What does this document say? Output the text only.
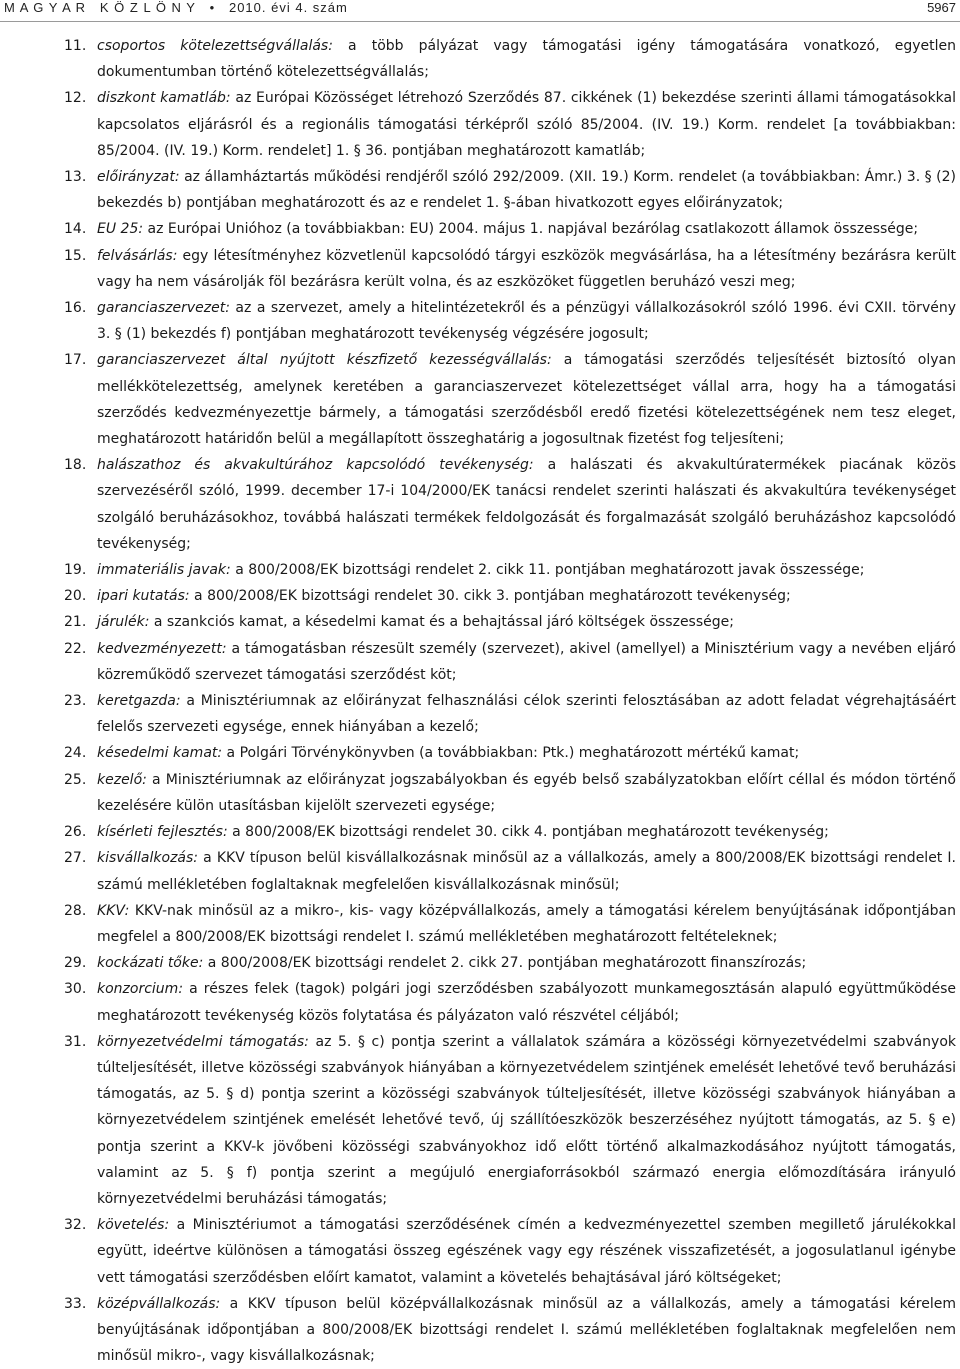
M A G Y A R   K Ö Z L Ö N Y   •   2010. évi 4. szám	5967

11. csoportos kötelezettségvállalás: a több pályázat vagy támogatási igény támogatására vonatkozó, egyetlen dokumentumban történő kötelezettségvállalás;

12. diszkont kamatláb: az Európai Közösséget létrehozó Szerződés 87. cikkének (1) bekezdése szerinti állami támogatásokkal kapcsolatos eljárásról és a regionális támogatási térképről szóló 85/2004. (IV. 19.) Korm. rendelet [a továbbiakban: 85/2004. (IV. 19.) Korm. rendelet] 1. § 36. pontjában meghatározott kamatláb;

13. előirányzat: az államháztartás működési rendjéről szóló 292/2009. (XII. 19.) Korm. rendelet (a továbbiakban: Ámr.) 3. § (2) bekezdés b) pontjában meghatározott és az e rendelet 1. §-ában hivatkozott egyes előirányzatok;

14. EU 25: az Európai Unióhoz (a továbbiakban: EU) 2004. május 1. napjával bezárólag csatlakozott államok összessége;

15. felvásárlás: egy létesítményhez közvetlenül kapcsolódó tárgyi eszközök megvásárlása, ha a létesítmény bezárásra került vagy ha nem vásárolják föl bezárásra került volna, és az eszközöket független beruházó veszi meg;

16. garanciaszervezet: az a szervezet, amely a hitelintézetekről és a pénzügyi vállalkozásokról szóló 1996. évi CXII. törvény 3. § (1) bekezdés f) pontjában meghatározott tevékenység végzésére jogosult;

17. garanciaszervezet által nyújtott készfizető kezességvállalás: a támogatási szerződés teljesítését biztosító olyan mellékkötelezettség, amelynek keretében a garanciaszervezet kötelezettséget vállal arra, hogy ha a támogatási szerződés kedvezményezettje bármely, a támogatási szerződésből eredő fizetési kötelezettségének nem tesz eleget, meghatározott határidőn belül a megállapított összeghatárig a jogosultnak fizetést fog teljesíteni;

18. halászathoz és akvakultúrához kapcsolódó tevékenység: a halászati és akvakultúratermékek piacának közös szervezéséről szóló, 1999. december 17-i 104/2000/EK tanácsi rendelet szerinti halászati és akvakultúra tevékenységet szolgáló beruházásokhoz, továbbá halászati termékek feldolgozását és forgalmazását szolgáló beruházáshoz kapcsolódó tevékenység;

19. immateriális javak: a 800/2008/EK bizottsági rendelet 2. cikk 11. pontjában meghatározott javak összessége;

20. ipari kutatás: a 800/2008/EK bizottsági rendelet 30. cikk 3. pontjában meghatározott tevékenység;

21. járulék: a szankciós kamat, a késedelmi kamat és a behajtással járó költségek összessége;

22. kedvezményezett: a támogatásban részesült személy (szervezet), akivel (amellyel) a Minisztérium vagy a nevében eljáró közreműködő szervezet támogatási szerződést köt;

23. keretgazda: a Minisztériumnak az előirányzat felhasználási célok szerinti felosztásában az adott feladat végrehajtásáért felelős szervezeti egysége, ennek hiányában a kezelő;

24. késedelmi kamat: a Polgári Törvénykönyvben (a továbbiakban: Ptk.) meghatározott mértékű kamat;

25. kezelő: a Minisztériumnak az előirányzat jogszabályokban és egyéb belső szabályzatokban előírt céllal és módon történő kezelésére külön utasításban kijelölt szervezeti egysége;

26. kísérleti fejlesztés: a 800/2008/EK bizottsági rendelet 30. cikk 4. pontjában meghatározott tevékenység;

27. kisvállalkozás: a KKV típuson belül kisvállalkozásnak minősül az a vállalkozás, amely a 800/2008/EK bizottsági rendelet I. számú mellékletében foglaltaknak megfelelően kisvállalkozásnak minősül;

28. KKV: KKV-nak minősül az a mikro-, kis- vagy középvállalkozás, amely a támogatási kérelem benyújtásának időpontjában megfelel a 800/2008/EK bizottsági rendelet I. számú mellékletében meghatározott feltételeknek;

29. kockázati tőke: a 800/2008/EK bizottsági rendelet 2. cikk 27. pontjában meghatározott finanszírozás;

30. konzorcium: a részes felek (tagok) polgári jogi szerződésben szabályozott munkamegosztásán alapuló együttműködése meghatározott tevékenység közös folytatása és pályázaton való részvétel céljából;

31. környezetvédelmi támogatás: az 5. § c) pontja szerint a vállalatok számára a közösségi környezetvédelmi szabványok túlteljesítését, illetve közösségi szabványok hiányában a környezetvédelem szintjének emelését lehetővé tevő beruházási támogatás, az 5. § d) pontja szerint a közösségi szabványok túlteljesítését, illetve közösségi szabványok hiányában a környezetvédelem szintjének emelését lehetővé tevő, új szállítóeszközök beszerzéséhez nyújtott támogatás, az 5. § e) pontja szerint a KKV-k jövőbeni közösségi szabványokhoz idő előtt történő alkalmazkodásához nyújtott támogatás, valamint az 5. § f) pontja szerint a megújuló energiaforrásokból származó energia előmozdítására irányuló környezetvédelmi beruházási támogatás;

32. követelés: a Minisztériumot a támogatási szerződésének címén a kedvezményezettel szemben megillető járulékokkal együtt, ideértve különösen a támogatási összeg egészének vagy egy részének visszafizetését, a jogosulatlanul igénybe vett támogatási szerződésben előírt kamatot, valamint a követelés behajtásával járó költségeket;

33. középvállalkozás: a KKV típuson belül középvállalkozásnak minősül az a vállalkozás, amely a támogatási kérelem benyújtásának időpontjában a 800/2008/EK bizottsági rendelet I. számú mellékletében foglaltaknak megfelelően nem minősül mikro-, vagy kisvállalkozásnak;
